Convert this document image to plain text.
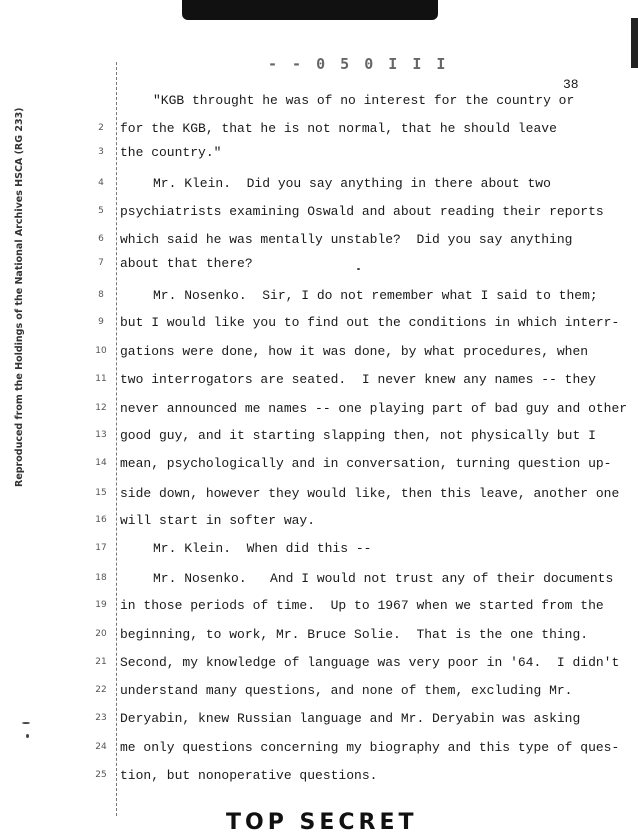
- - 0 5 0 I I I
38
Reproduced from the Holdings of the National Archives HSCA (RG 233)
"KGB throught he was of no interest for the country or
2	for the KGB, that he is not normal, that he should leave
3	the country."
4	Mr. Klein.  Did you say anything in there about two
5	psychiatrists examining Oswald and about reading their reports
6	which said he was mentally unstable?  Did you say anything
7	about that there?
8	Mr. Nosenko.  Sir, I do not remember what I said to them;
9	but I would like you to find out the conditions in which interr-
10 gations were done, how it was done, by what procedures, when
11 two interrogators are seated.  I never knew any names -- they
12 never announced me names -- one playing part of bad guy and other
13 good guy, and it starting slapping then, not physically but I
14 mean, psychologically and in conversation, turning question up-
15 side down, however they would like, then this leave, another one
16 will start in softer way.
17	Mr. Klein.  When did this --
18	Mr. Nosenko.   And I would not trust any of their documents
19 in those periods of time.  Up to 1967 when we started from the
20 beginning, to work, Mr. Bruce Solie.  That is the one thing.
21 Second, my knowledge of language was very poor in '64.  I didn't
22 understand many questions, and none of them, excluding Mr.
23 Deryabin, knew Russian language and Mr. Deryabin was asking
24 me only questions concerning my biography and this type of ques-
25 tion, but nonoperative questions.
TOP SECRET
